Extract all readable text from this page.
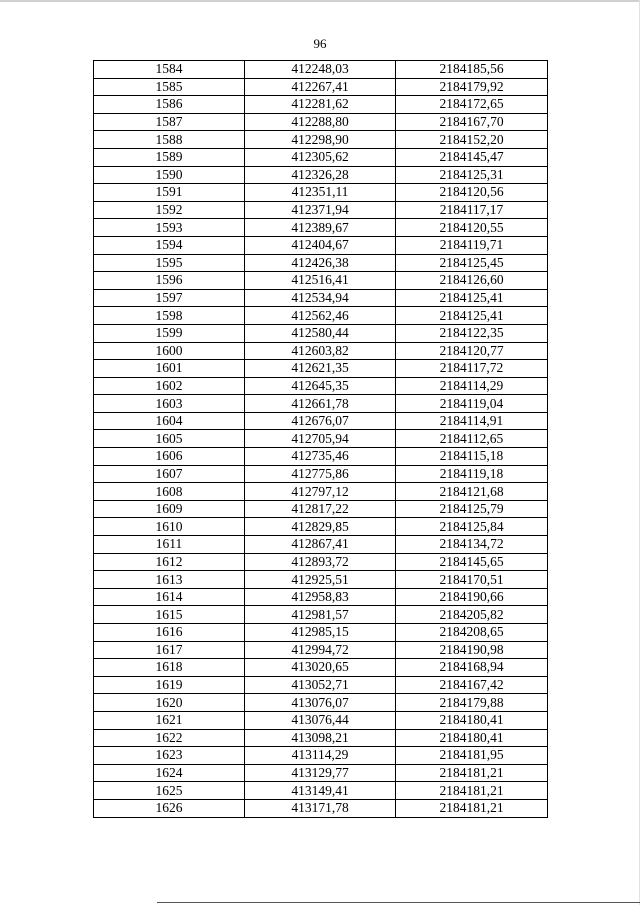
96
1584	412248,03	2184185,56
1585	412267,41	2184179,92
1586	412281,62	2184172,65
1587	412288,80	2184167,70
1588	412298,90	2184152,20
1589	412305,62	2184145,47
1590	412326,28	2184125,31
1591	412351,11	2184120,56
1592	412371,94	2184117,17
1593	412389,67	2184120,55
1594	412404,67	2184119,71
1595	412426,38	2184125,45
1596	412516,41	2184126,60
1597	412534,94	2184125,41
1598	412562,46	2184125,41
1599	412580,44	2184122,35
1600	412603,82	2184120,77
1601	412621,35	2184117,72
1602	412645,35	2184114,29
1603	412661,78	2184119,04
1604	412676,07	2184114,91
1605	412705,94	2184112,65
1606	412735,46	2184115,18
1607	412775,86	2184119,18
1608	412797,12	2184121,68
1609	412817,22	2184125,79
1610	412829,85	2184125,84
1611	412867,41	2184134,72
1612	412893,72	2184145,65
1613	412925,51	2184170,51
1614	412958,83	2184190,66
1615	412981,57	2184205,82
1616	412985,15	2184208,65
1617	412994,72	2184190,98
1618	413020,65	2184168,94
1619	413052,71	2184167,42
1620	413076,07	2184179,88
1621	413076,44	2184180,41
1622	413098,21	2184180,41
1623	413114,29	2184181,95
1624	413129,77	2184181,21
1625	413149,41	2184181,21
1626	413171,78	2184181,21
